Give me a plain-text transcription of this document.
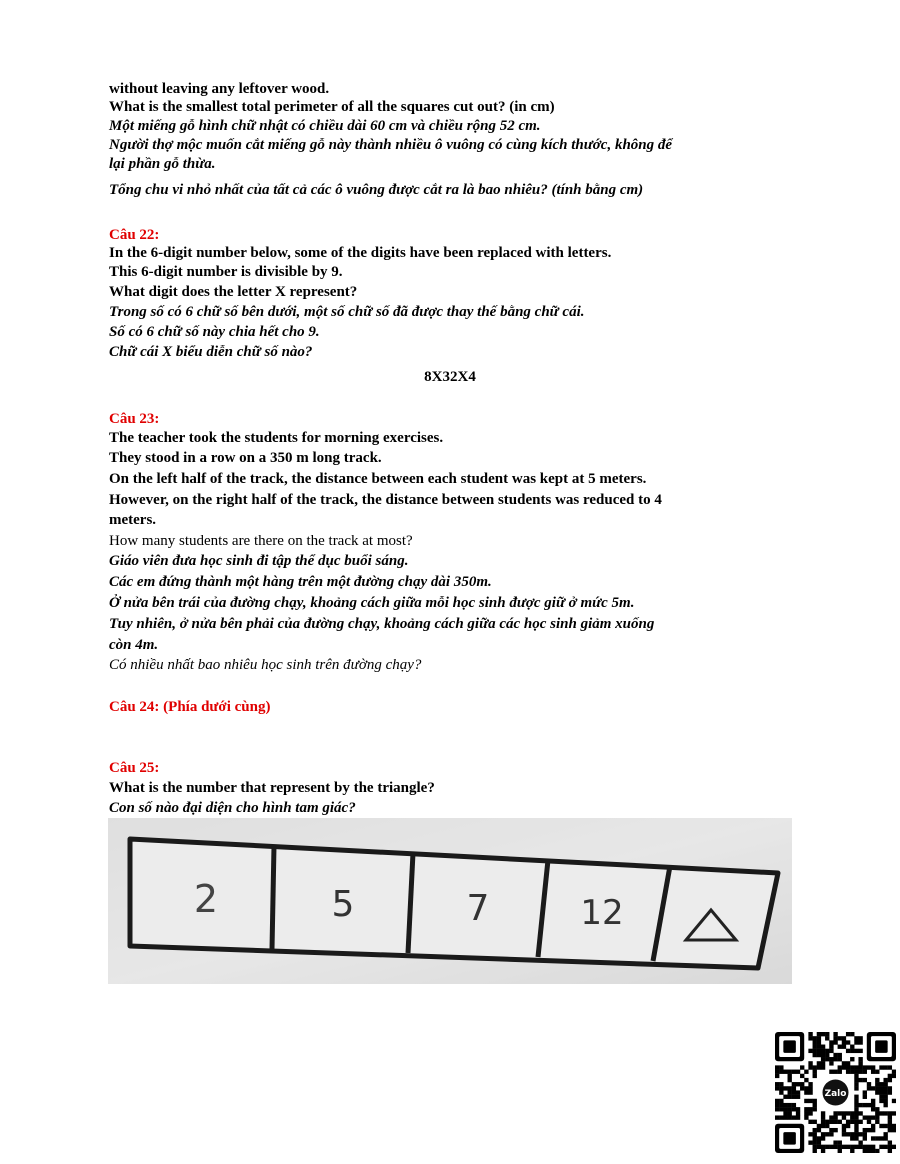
without leaving any leftover wood.
What is the smallest total perimeter of all the squares cut out? (in cm)
Một miếng gỗ hình chữ nhật có chiều dài 60 cm và chiều rộng 52 cm.
Người thợ mộc muốn cắt miếng gỗ này thành nhiều ô vuông có cùng kích thước, không để
lại phần gỗ thừa.
Tổng chu vi nhỏ nhất của tất cả các ô vuông được cắt ra là bao nhiêu? (tính bằng cm)
Câu 22:
In the 6-digit number below, some of the digits have been replaced with letters.
This 6-digit number is divisible by 9.
What digit does the letter X represent?
Trong số có 6 chữ số bên dưới, một số chữ số đã được thay thế bằng chữ cái.
Số có 6 chữ số này chia hết cho 9.
Chữ cái X biểu diễn chữ số nào?
8X32X4
Câu 23:
The teacher took the students for morning exercises.
They stood in a row on a 350 m long track.
On the left half of the track, the distance between each student was kept at 5 meters.
However, on the right half of the track, the distance between students was reduced to 4
meters.
How many students are there on the track at most?
Giáo viên đưa học sinh đi tập thể dục buổi sáng.
Các em đứng thành một hàng trên một đường chạy dài 350m.
Ở nửa bên trái của đường chạy, khoảng cách giữa mỗi học sinh được giữ ở mức 5m.
Tuy nhiên, ở nửa bên phải của đường chạy, khoảng cách giữa các học sinh giảm xuống
còn 4m.
Có nhiều nhất bao nhiêu học sinh trên đường chạy?
Câu 24: (Phía dưới cùng)
Câu 25:
What is the number that represent by the triangle?
Con số nào đại diện cho hình tam giác?
2	5	7	12
Zalo
